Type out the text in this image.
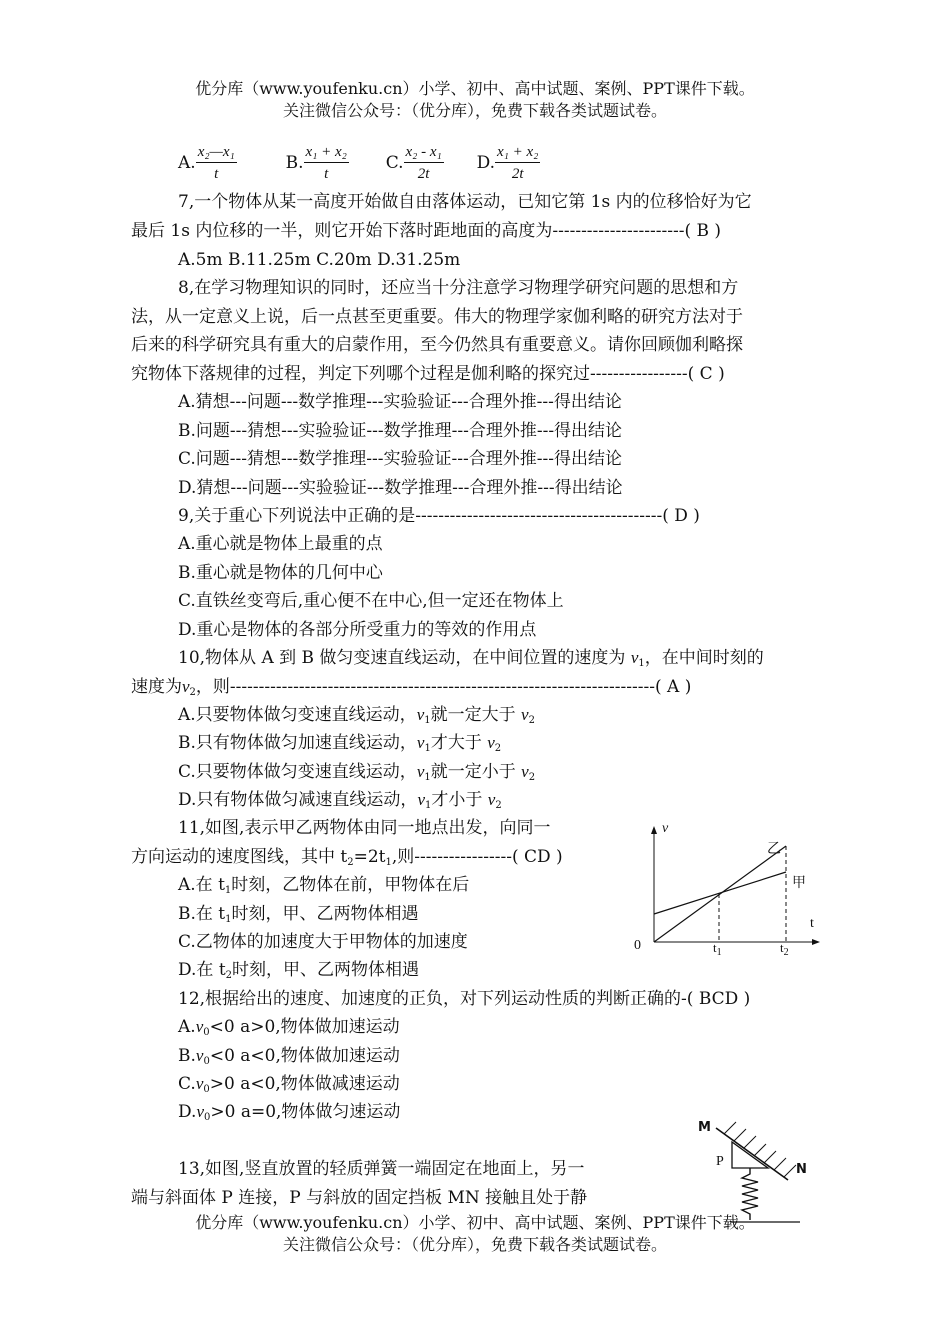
优分库（www.youfenku.cn）小学、初中、高中试题、案例、PPT课件下载。
关注微信公众号：（优分库），免费下载各类试题试卷。
A. $\frac{\text{x₂—x₁}}{t}$	B. $\frac{\text{x₁ + x₂}}{t} C$. $\frac{\text{x₂ - x₁}}{2t} D$. $\frac{\text{x₁ + x₂}}{2t}$
7,一个物体从某一高度开始做自由落体运动，已知它第 1s 内的位移恰好为它
最后 1s 内位移的一半，则它开始下落时距地面的高度为-----------------------( B )
A.5m B.11.25m C.20m D.31.25m
8,在学习物理知识的同时，还应当十分注意学习物理学研究问题的思想和方
法，从一定意义上说，后一点甚至更重要。伟大的物理学家伽利略的研究方法对于
后来的科学研究具有重大的启蒙作用，至今仍然具有重要意义。请你回顾伽利略探
究物体下落规律的过程，判定下列哪个过程是伽利略的探究过-----------------( C )
A.猜想---问题---数学推理---实验验证---合理外推---得出结论
B.问题---猜想---实验验证---数学推理---合理外推---得出结论
C.问题---猜想---数学推理---实验验证---合理外推---得出结论
D.猜想---问题---实验验证---数学推理---合理外推---得出结论
9,关于重心下列说法中正确的是-------------------------------------------( D )
A.重心就是物体上最重的点
B.重心就是物体的几何中心
C.直铁丝变弯后,重心便不在中心,但一定还在物体上
D.重心是物体的各部分所受重力的等效的作用点
10,物体从 A 到 B 做匀变速直线运动，在中间位置的速度为 $v_1$，在中间时刻的
速度为$v_2$，则--------------------------------------------------------------------------( A )
A.只要物体做匀变速直线运动，$v_1$就一定大于 $v_2$
B.只有物体做匀加速直线运动，$v_1$才大于 $v_2$
C.只要物体做匀变速直线运动，$v_1$就一定小于 $v_2$
D.只有物体做匀减速直线运动，$v_1$才小于 $v_2$
11,如图,表示甲乙两物体由同一地点出发，向同一
方向运动的速度图线，其中 $t_2=2t_1$,则-----------------( CD )
A.在 $t_1$时刻，乙物体在前，甲物体在后
B.在 $t_1$时刻，甲、乙两物体相遇
C.乙物体的加速度大于甲物体的加速度
D.在 $t_2$时刻，甲、乙两物体相遇
v
t
0
乙
甲
$t_1$	$t_2$
12,根据给出的速度、加速度的正负，对下列运动性质的判断正确的-( BCD )
$A.v_0<0$ a>0,物体做加速运动
$B.v_0<0$ a<0,物体做加速运动
$C.v_0>0$ a<0,物体做减速运动
$D.v_0>0$ a=0,物体做匀速运动
13,如图,竖直放置的轻质弹簧一端固定在地面上，另一
端与斜面体 P 连接，P 与斜放的固定挡板 MN 接触且处于静
M
N
P
优分库（www.youfenku.cn）小学、初中、高中试题、案例、PPT课件下载。
关注微信公众号：（优分库），免费下载各类试题试卷。
